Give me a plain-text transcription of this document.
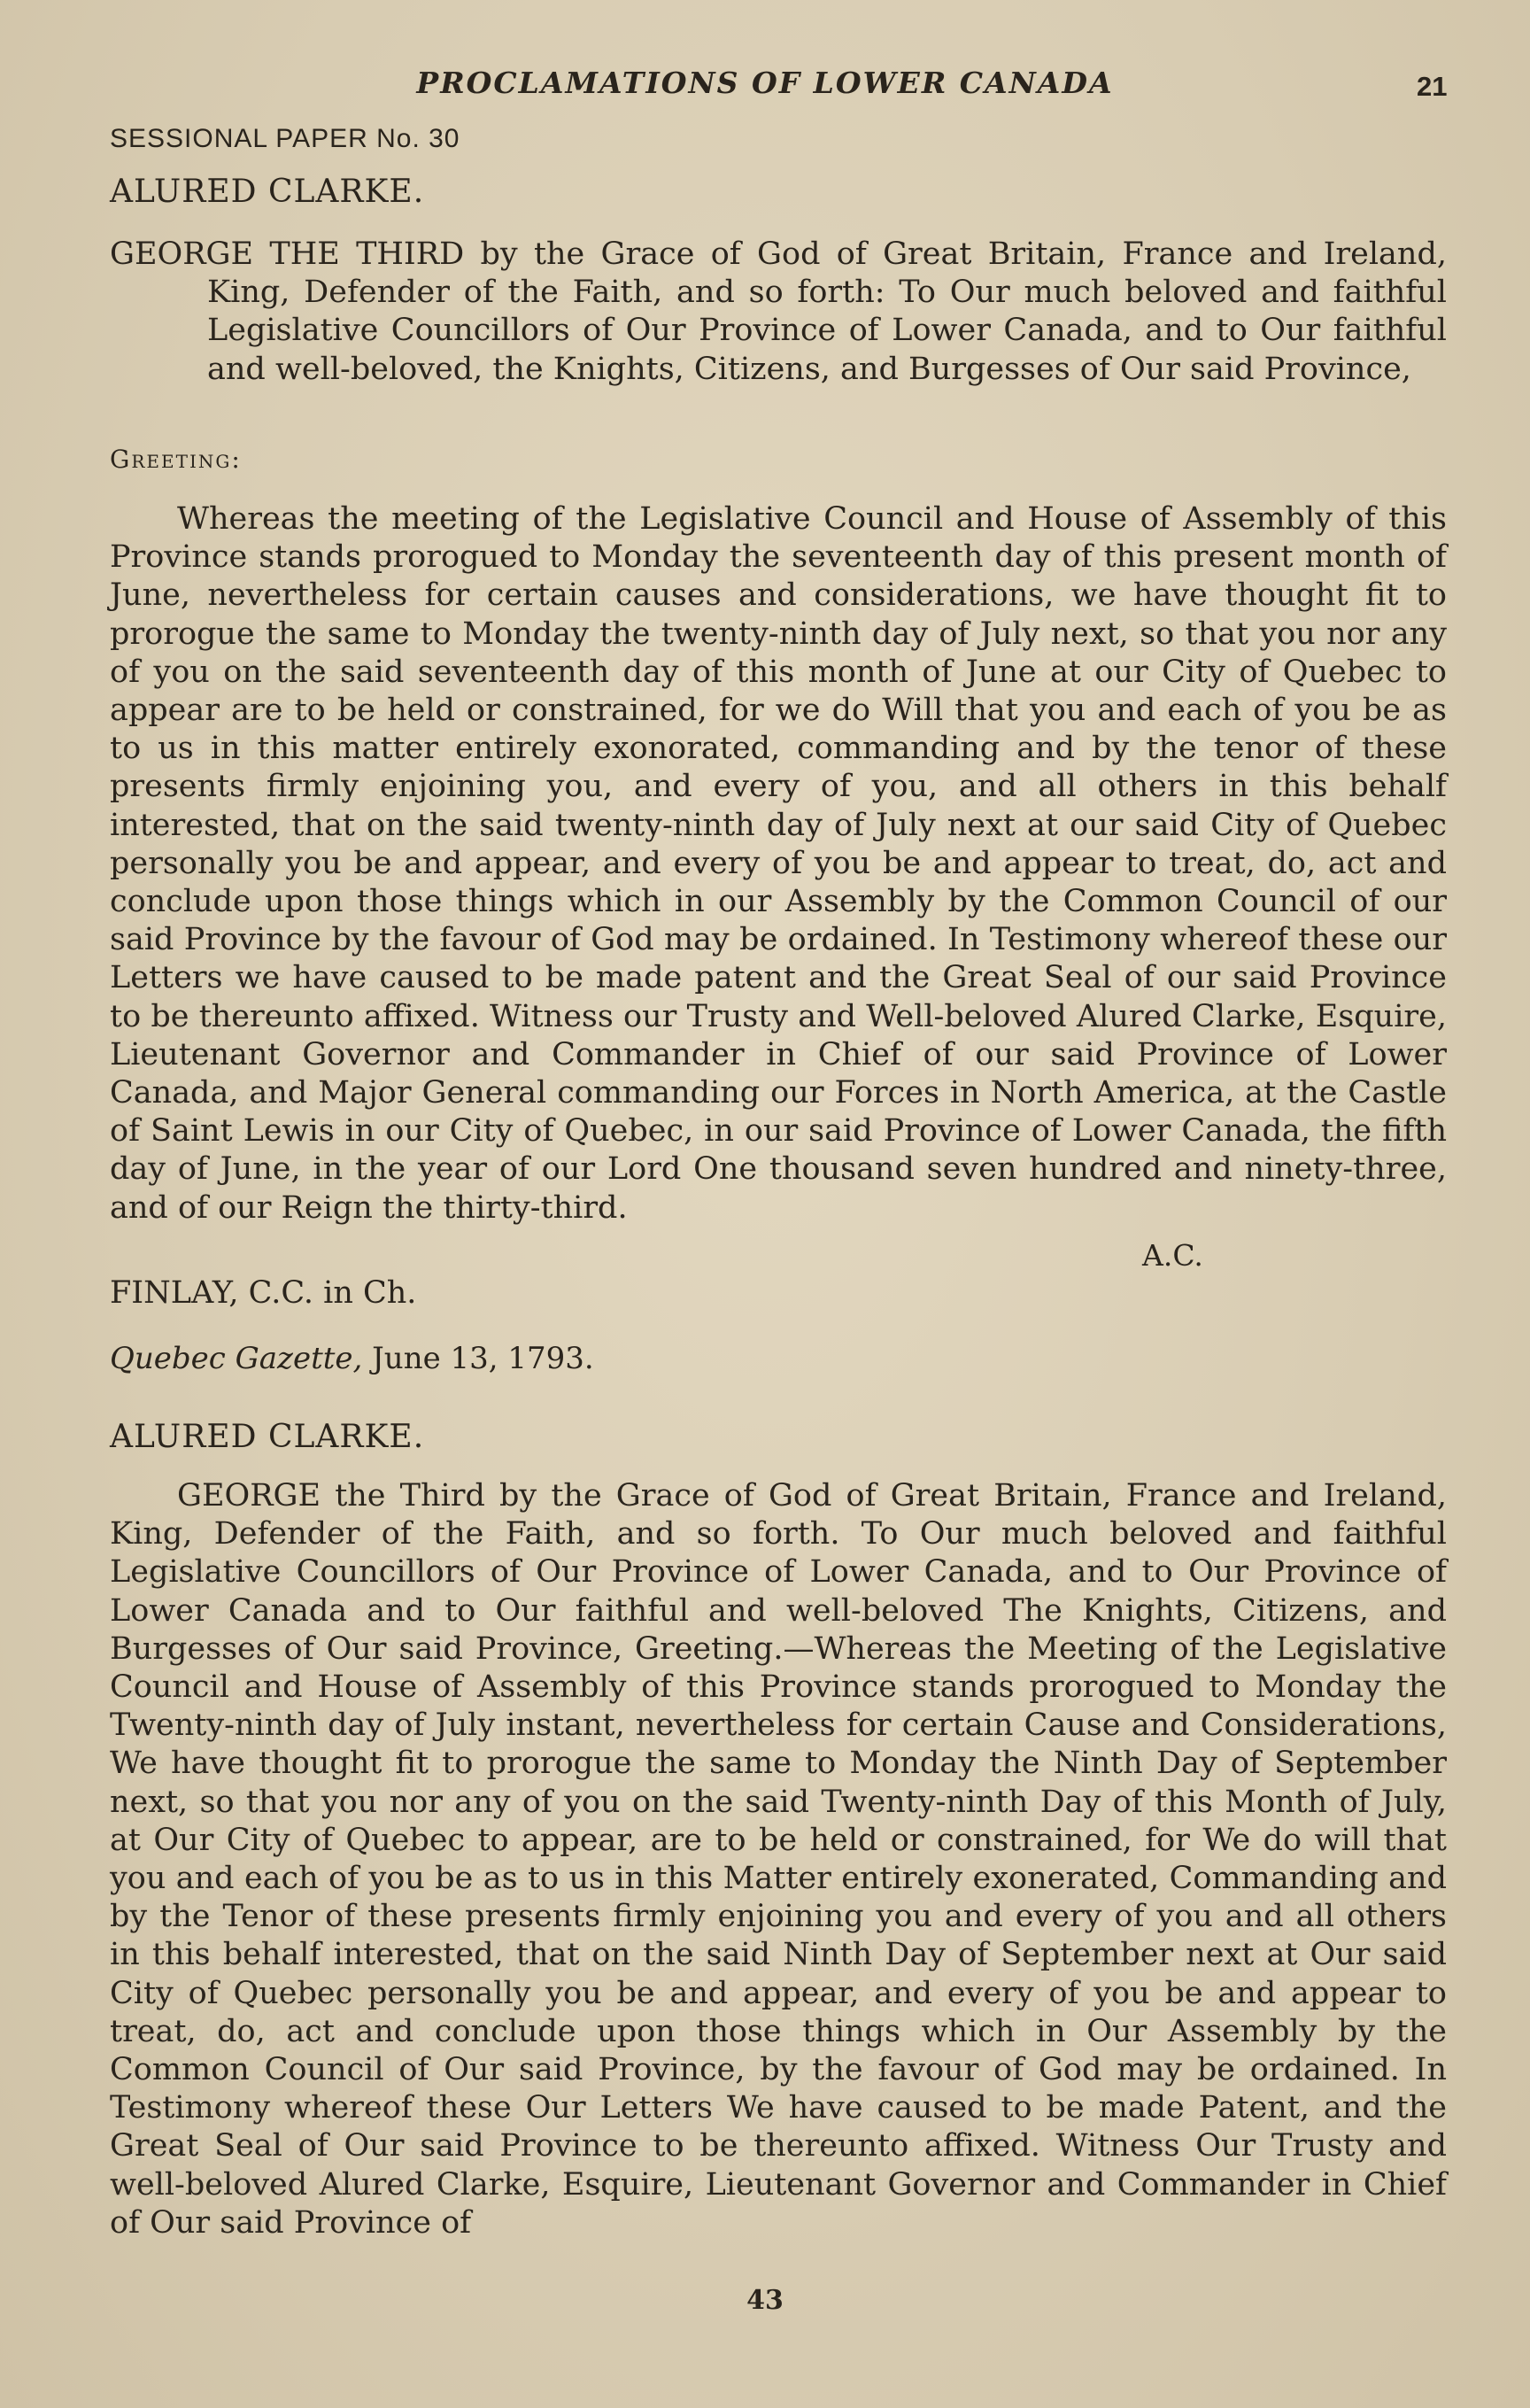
PROCLAMATIONS OF LOWER CANADA	21
SESSIONAL PAPER No. 30
ALURED CLARKE.
GEORGE THE THIRD by the Grace of God of Great Britain, France and Ireland, King, Defender of the Faith, and so forth: To Our much beloved and faithful Legislative Councillors of Our Province of Lower Canada, and to Our faithful and well-beloved, the Knights, Citizens, and Burgesses of Our said Province,
Greeting:
Whereas the meeting of the Legislative Council and House of Assembly of this Province stands prorogued to Monday the seventeenth day of this present month of June, nevertheless for certain causes and considerations, we have thought fit to prorogue the same to Monday the twenty-ninth day of July next, so that you nor any of you on the said seventeenth day of this month of June at our City of Quebec to appear are to be held or constrained, for we do Will that you and each of you be as to us in this matter entirely exonorated, commanding and by the tenor of these presents firmly enjoining you, and every of you, and all others in this behalf interested, that on the said twenty-ninth day of July next at our said City of Quebec personally you be and appear, and every of you be and appear to treat, do, act and conclude upon those things which in our Assembly by the Common Council of our said Province by the favour of God may be ordained. In Testimony whereof these our Letters we have caused to be made patent and the Great Seal of our said Province to be thereunto affixed. Witness our Trusty and Well-beloved Alured Clarke, Esquire, Lieutenant Governor and Commander in Chief of our said Province of Lower Canada, and Major General commanding our Forces in North America, at the Castle of Saint Lewis in our City of Quebec, in our said Province of Lower Canada, the fifth day of June, in the year of our Lord One thousand seven hundred and ninety-three, and of our Reign the thirty-third.
A.C.
FINLAY, C.C. in Ch.
Quebec Gazette, June 13, 1793.
ALURED CLARKE.
GEORGE the Third by the Grace of God of Great Britain, France and Ireland, King, Defender of the Faith, and so forth. To Our much beloved and faithful Legislative Councillors of Our Province of Lower Canada, and to Our Province of Lower Canada and to Our faithful and well-beloved The Knights, Citizens, and Burgesses of Our said Province, Greeting.—Whereas the Meeting of the Legislative Council and House of Assembly of this Province stands prorogued to Monday the Twenty-ninth day of July instant, nevertheless for certain Cause and Considerations, We have thought fit to prorogue the same to Monday the Ninth Day of September next, so that you nor any of you on the said Twenty-ninth Day of this Month of July, at Our City of Quebec to appear, are to be held or constrained, for We do will that you and each of you be as to us in this Matter entirely exonerated, Commanding and by the Tenor of these presents firmly enjoining you and every of you and all others in this behalf interested, that on the said Ninth Day of September next at Our said City of Quebec personally you be and appear, and every of you be and appear to treat, do, act and conclude upon those things which in Our Assembly by the Common Council of Our said Province, by the favour of God may be ordained. In Testimony whereof these Our Letters We have caused to be made Patent, and the Great Seal of Our said Province to be thereunto affixed. Witness Our Trusty and well-beloved Alured Clarke, Esquire, Lieutenant Governor and Commander in Chief of Our said Province of
43
